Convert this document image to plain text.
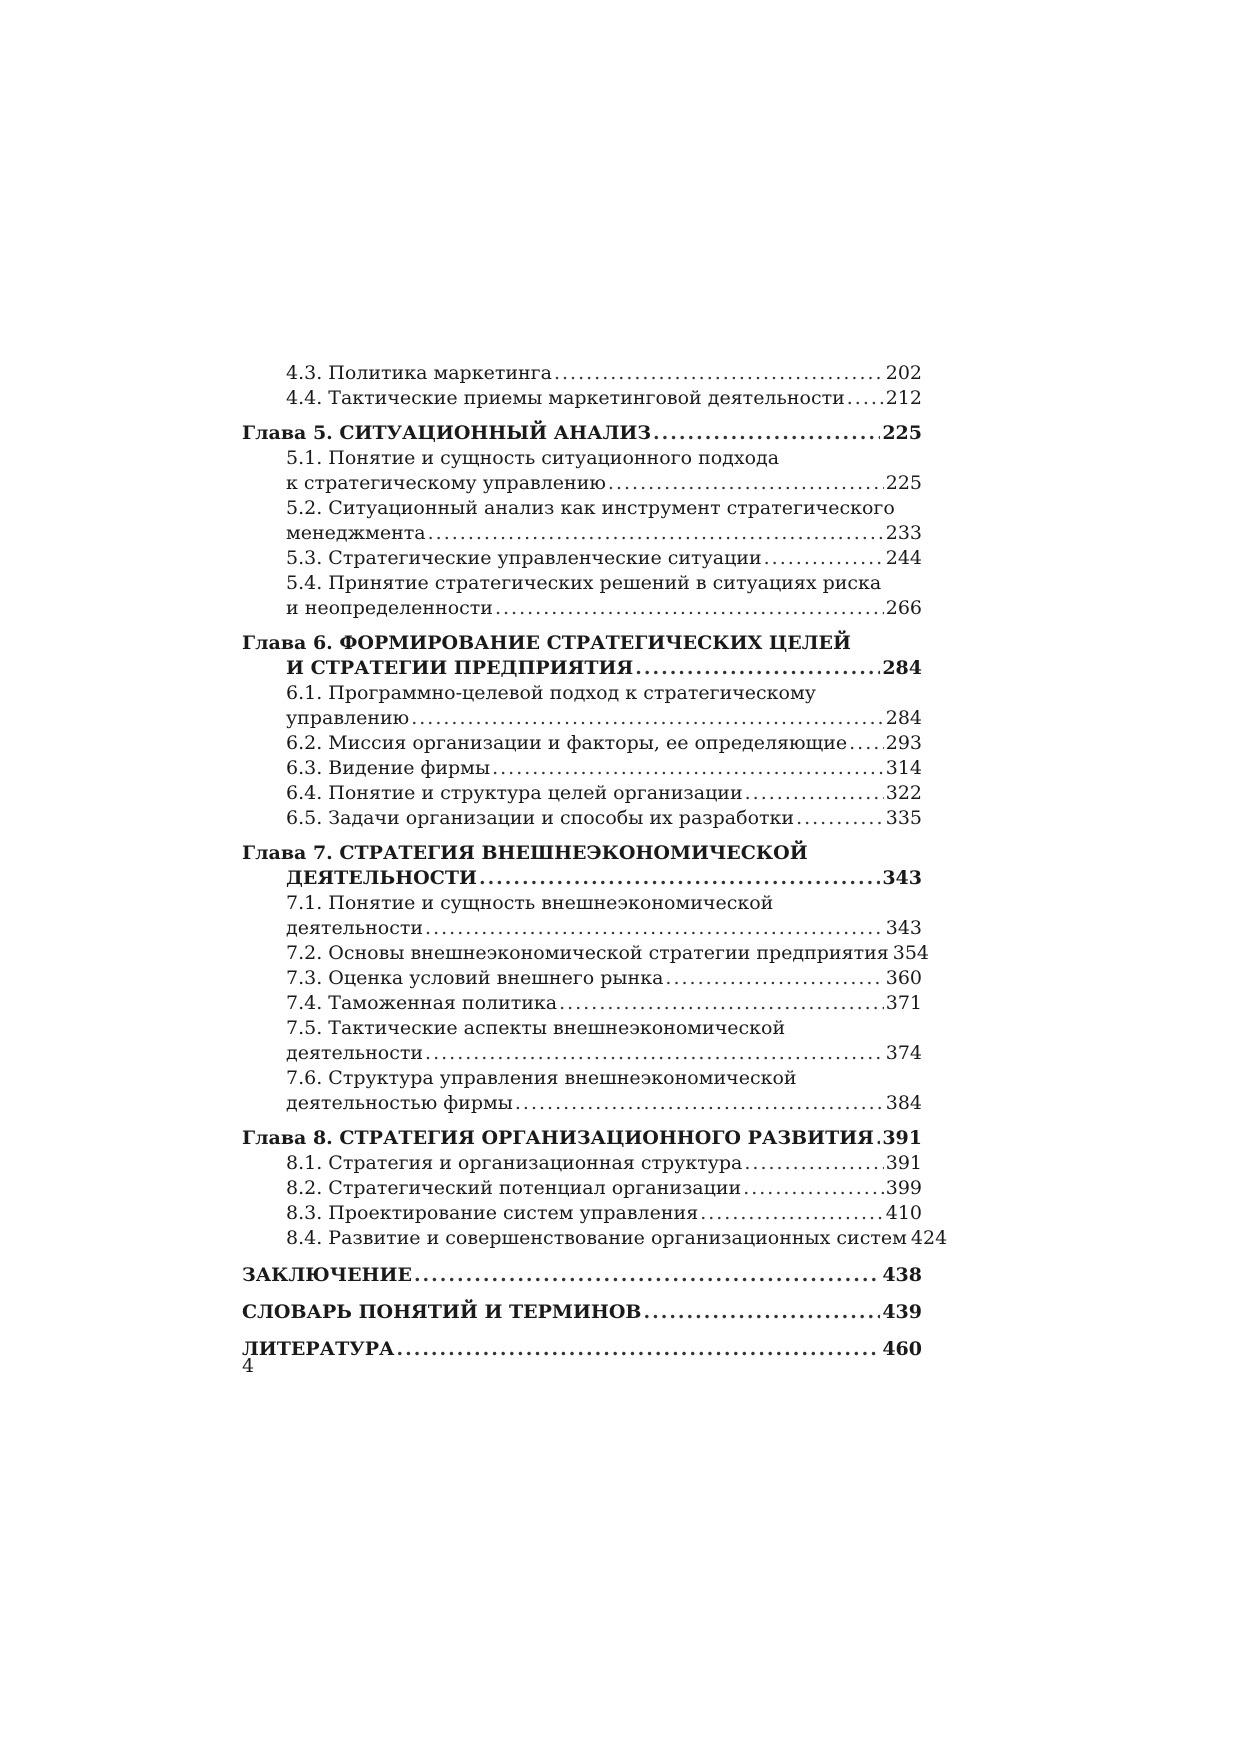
4.3. Политика маркетинга .....	202
4.4. Тактические приемы маркетинговой деятельности ..... 212
Глава 5. СИТУАЦИОННЫЙ АНАЛИЗ .....	225
5.1. Понятие и сущность ситуационного подхода
к стратегическому управлению .....	225
5.2. Ситуационный анализ как инструмент стратегического
менеджмента .....	233
5.3. Стратегические управленческие ситуации .....	244
5.4. Принятие стратегических решений в ситуациях риска
и неопределенности .....	266
Глава 6. ФОРМИРОВАНИЕ СТРАТЕГИЧЕСКИХ ЦЕЛЕЙ
И СТРАТЕГИИ ПРЕДПРИЯТИЯ .....	284
6.1. Программно-целевой подход к стратегическому
управлению .....	284
6.2. Миссия организации и факторы, ее определяющие ..... 293
6.3. Видение фирмы .....	314
6.4. Понятие и структура целей организации .....	322
6.5. Задачи организации и способы их разработки .....	335
Глава 7. СТРАТЕГИЯ ВНЕШНЕЭКОНОМИЧЕСКОЙ
ДЕЯТЕЛЬНОСТИ .....	343
7.1. Понятие и сущность внешнеэкономической
деятельности .....	343
7.2. Основы внешнеэкономической стратегии предприятия 354
7.3. Оценка условий внешнего рынка .....	360
7.4. Таможенная политика .....	371
7.5. Тактические аспекты внешнеэкономической
деятельности .....	374
7.6. Структура управления внешнеэкономической
деятельностью фирмы .....	384
Глава 8. СТРАТЕГИЯ ОРГАНИЗАЦИОННОГО РАЗВИТИЯ ..... 391
8.1. Стратегия и организационная структура .....	391
8.2. Стратегический потенциал организации .....	399
8.3. Проектирование систем управления .....	410
8.4. Развитие и совершенствование организационных систем 424
ЗАКЛЮЧЕНИЕ .....	438
СЛОВАРЬ ПОНЯТИЙ И ТЕРМИНОВ .....	439
ЛИТЕРАТУРА .....	460
4
